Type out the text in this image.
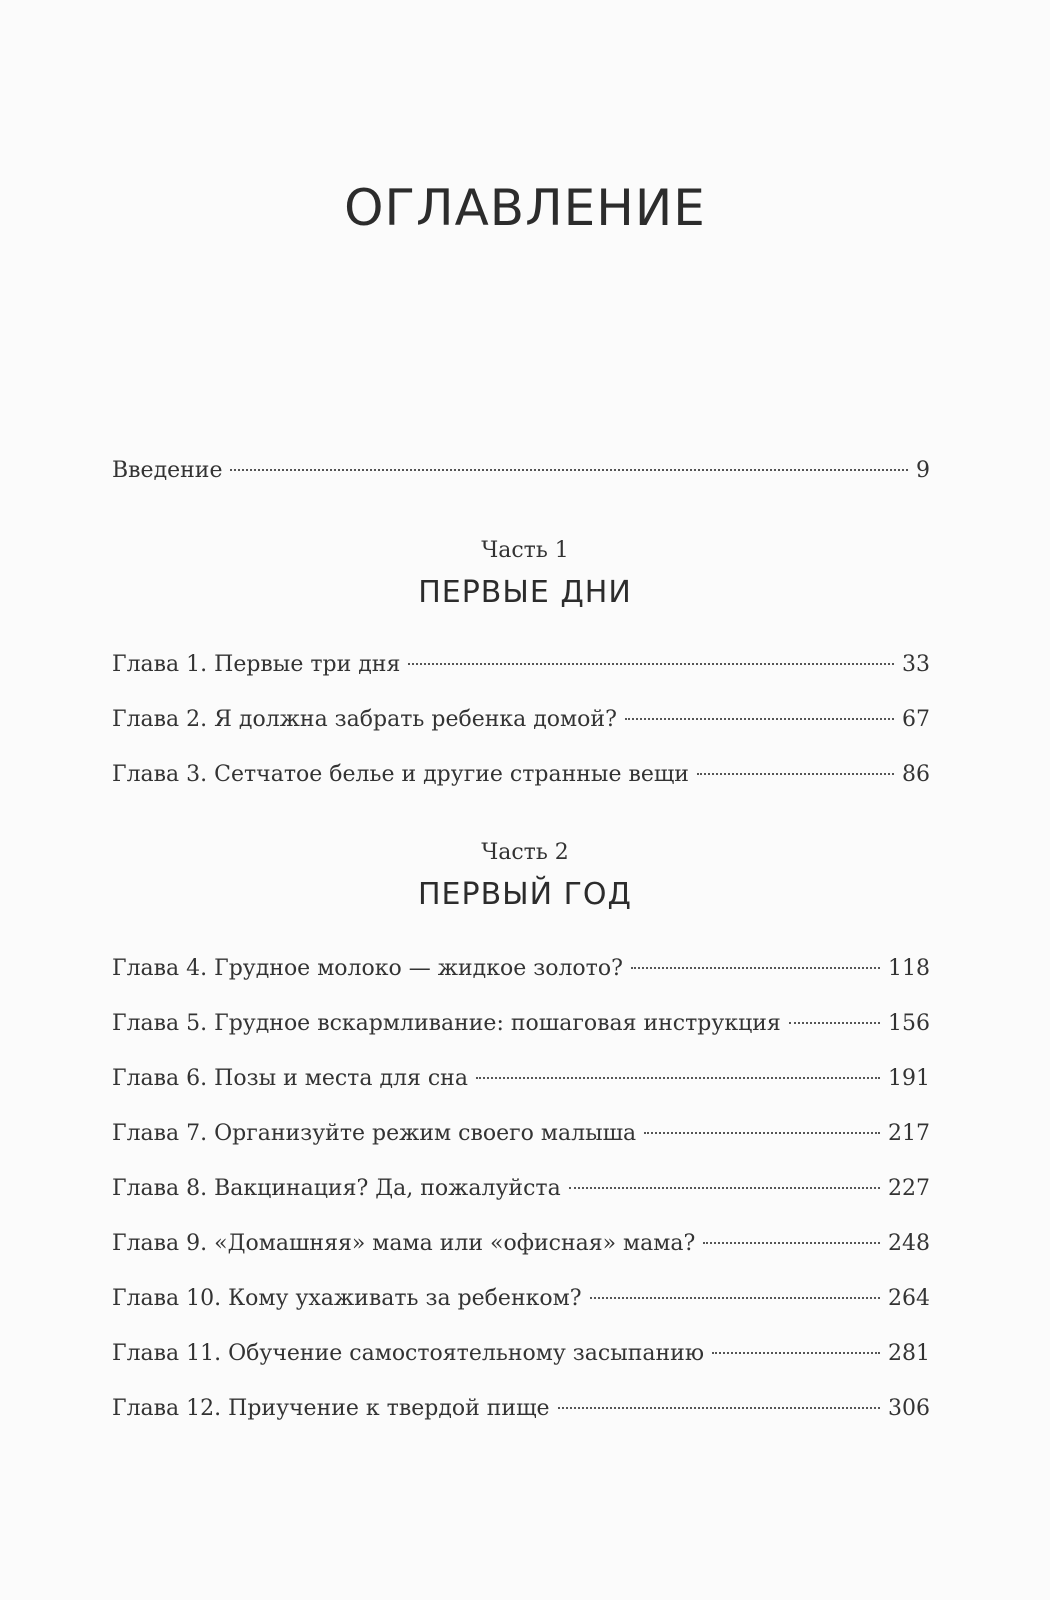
ОГЛАВЛЕНИЕ
Введение	9
Часть 1
ПЕРВЫЕ ДНИ
Глава 1. Первые три дня	33
Глава 2. Я должна забрать ребенка домой?	67
Глава 3. Сетчатое белье и другие странные вещи	86
Часть 2
ПЕРВЫЙ ГОД
Глава 4. Грудное молоко — жидкое золото?	118
Глава 5. Грудное вскармливание: пошаговая инструкция	156
Глава 6. Позы и места для сна	191
Глава 7. Организуйте режим своего малыша	217
Глава 8. Вакцинация? Да, пожалуйста	227
Глава 9. «Домашняя» мама или «офисная» мама?	248
Глава 10. Кому ухаживать за ребенком?	264
Глава 11. Обучение самостоятельному засыпанию	281
Глава 12. Приучение к твердой пище	306
